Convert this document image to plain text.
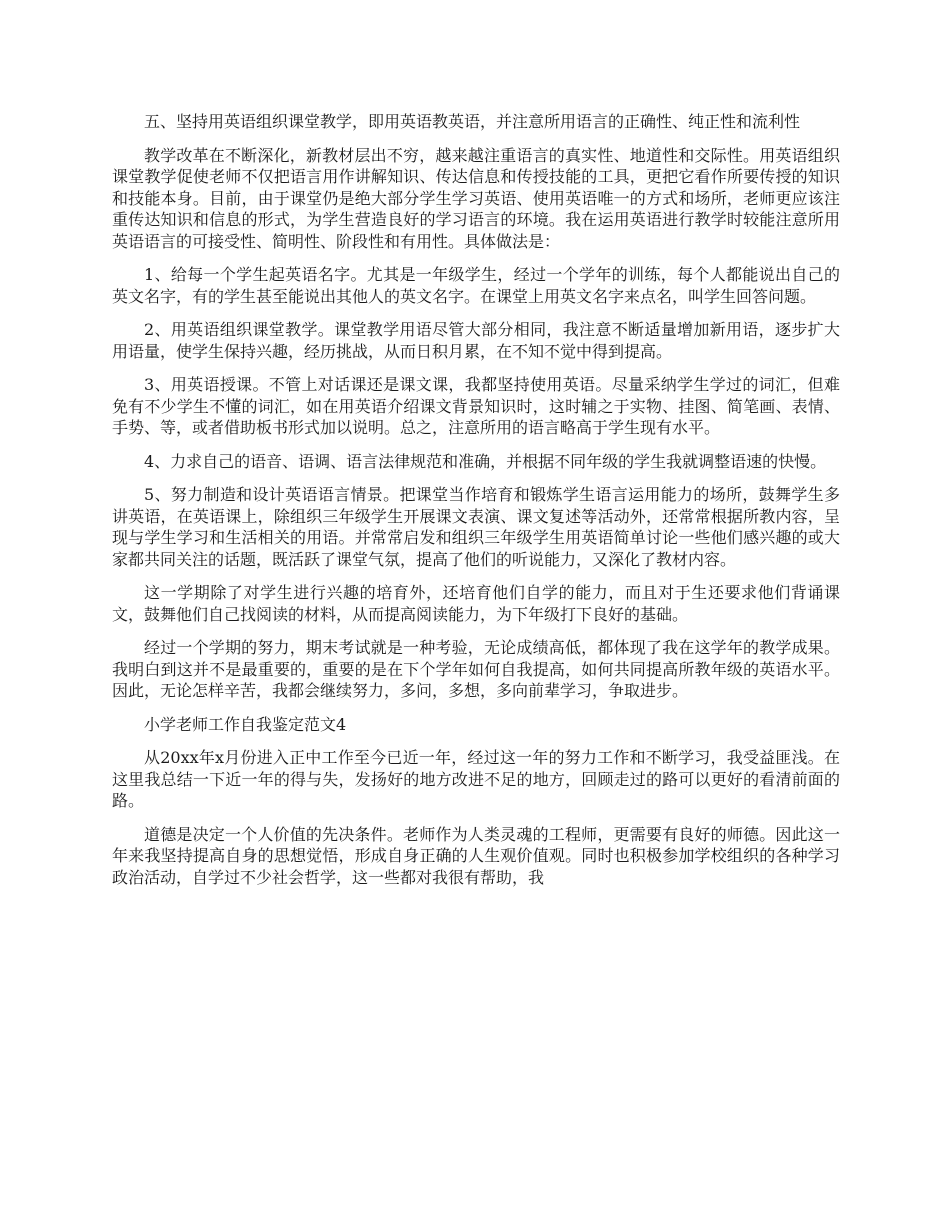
五、坚持用英语组织课堂教学，即用英语教英语，并注意所用语言的正确性、纯正性和流利性

教学改革在不断深化，新教材层出不穷，越来越注重语言的真实性、地道性和交际性。用英语组织课堂教学促使老师不仅把语言用作讲解知识、传达信息和传授技能的工具，更把它看作所要传授的知识和技能本身。目前，由于课堂仍是绝大部分学生学习英语、使用英语唯一的方式和场所，老师更应该注重传达知识和信息的形式，为学生营造良好的学习语言的环境。我在运用英语进行教学时较能注意所用英语语言的可接受性、简明性、阶段性和有用性。具体做法是：

1、给每一个学生起英语名字。尤其是一年级学生，经过一个学年的训练，每个人都能说出自己的英文名字，有的学生甚至能说出其他人的英文名字。在课堂上用英文名字来点名，叫学生回答问题。

2、用英语组织课堂教学。课堂教学用语尽管大部分相同，我注意不断适量增加新用语，逐步扩大用语量，使学生保持兴趣，经历挑战，从而日积月累，在不知不觉中得到提高。

3、用英语授课。不管上对话课还是课文课，我都坚持使用英语。尽量采纳学生学过的词汇，但难免有不少学生不懂的词汇，如在用英语介绍课文背景知识时，这时辅之于实物、挂图、简笔画、表情、手势、等，或者借助板书形式加以说明。总之，注意所用的语言略高于学生现有水平。

4、力求自己的语音、语调、语言法律规范和准确，并根据不同年级的学生我就调整语速的快慢。

5、努力制造和设计英语语言情景。把课堂当作培育和锻炼学生语言运用能力的场所，鼓舞学生多讲英语，在英语课上，除组织三年级学生开展课文表演、课文复述等活动外，还常常根据所教内容，呈现与学生学习和生活相关的用语。并常常启发和组织三年级学生用英语简单讨论一些他们感兴趣的或大家都共同关注的话题，既活跃了课堂气氛，提高了他们的听说能力，又深化了教材内容。

这一学期除了对学生进行兴趣的培育外，还培育他们自学的能力，而且对于生还要求他们背诵课文，鼓舞他们自己找阅读的材料，从而提高阅读能力，为下年级打下良好的基础。

经过一个学期的努力，期末考试就是一种考验，无论成绩高低，都体现了我在这学年的教学成果。我明白到这并不是最重要的，重要的是在下个学年如何自我提高，如何共同提高所教年级的英语水平。因此，无论怎样辛苦，我都会继续努力，多问，多想，多向前辈学习，争取进步。

小学老师工作自我鉴定范文4

从20xx年x月份进入正中工作至今已近一年，经过这一年的努力工作和不断学习，我受益匪浅。在这里我总结一下近一年的得与失，发扬好的地方改进不足的地方，回顾走过的路可以更好的看清前面的路。

道德是决定一个人价值的先决条件。老师作为人类灵魂的工程师，更需要有良好的师德。因此这一年来我坚持提高自身的思想觉悟，形成自身正确的人生观价值观。同时也积极参加学校组织的各种学习政治活动，自学过不少社会哲学，这一些都对我很有帮助，我
